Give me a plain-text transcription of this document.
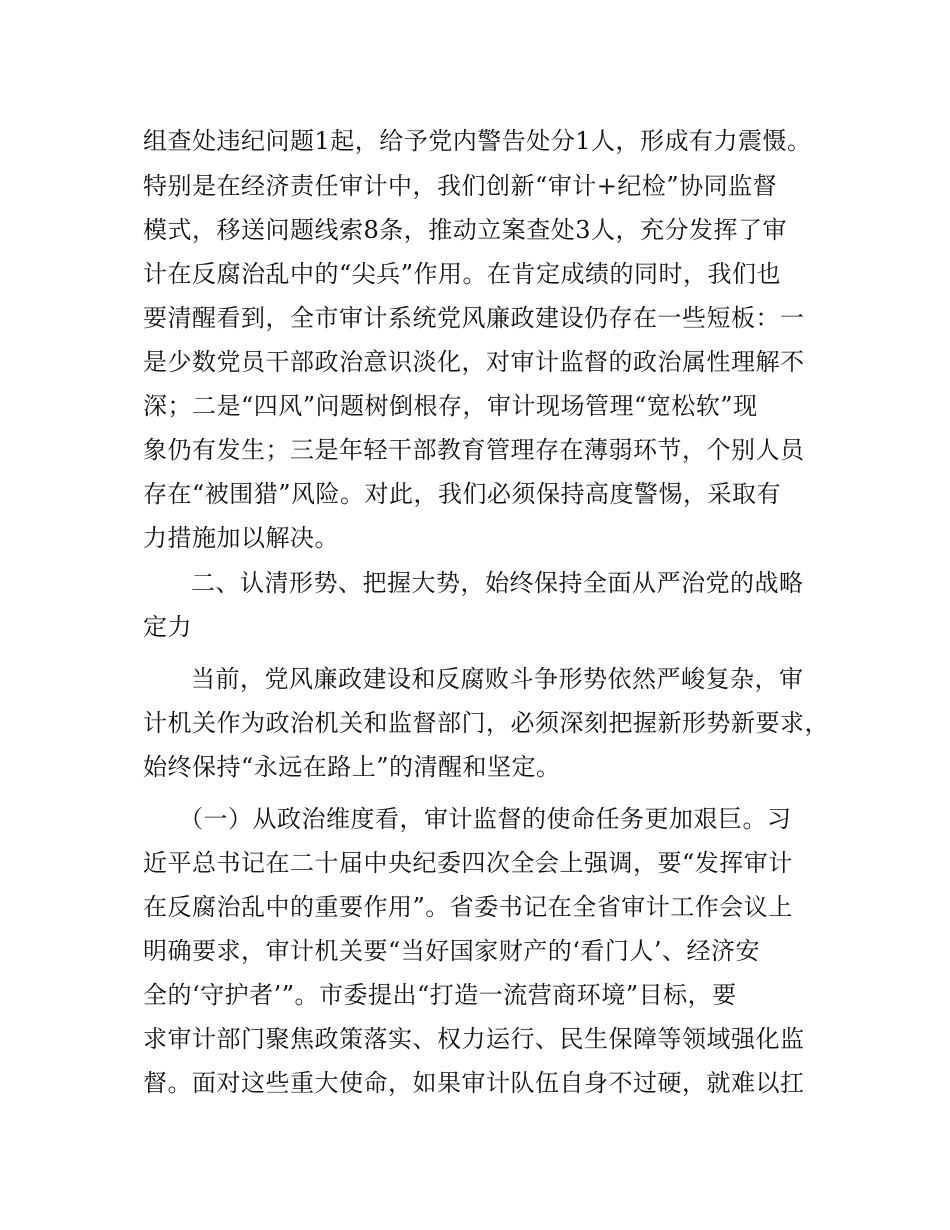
组查处违纪问题1起，给予党内警告处分1人，形成有力震慑。
特别是在经济责任审计中，我们创新“审计+纪检”协同监督
模式，移送问题线索8条，推动立案查处3人，充分发挥了审
计在反腐治乱中的“尖兵”作用。在肯定成绩的同时，我们也
要清醒看到，全市审计系统党风廉政建设仍存在一些短板：一
是少数党员干部政治意识淡化，对审计监督的政治属性理解不
深；二是“四风”问题树倒根存，审计现场管理“宽松软”现
象仍有发生；三是年轻干部教育管理存在薄弱环节，个别人员
存在“被围猎”风险。对此，我们必须保持高度警惕，采取有
力措施加以解决。
二、认清形势、把握大势，始终保持全面从严治党的战略
定力
当前，党风廉政建设和反腐败斗争形势依然严峻复杂，审
计机关作为政治机关和监督部门，必须深刻把握新形势新要求，
始终保持“永远在路上”的清醒和坚定。
（一）从政治维度看，审计监督的使命任务更加艰巨。习
近平总书记在二十届中央纪委四次全会上强调，要“发挥审计
在反腐治乱中的重要作用”。省委书记在全省审计工作会议上
明确要求，审计机关要“当好国家财产的‘看门人’、经济安
全的‘守护者’”。市委提出“打造一流营商环境”目标，要
求审计部门聚焦政策落实、权力运行、民生保障等领域强化监
督。面对这些重大使命，如果审计队伍自身不过硬，就难以扛
